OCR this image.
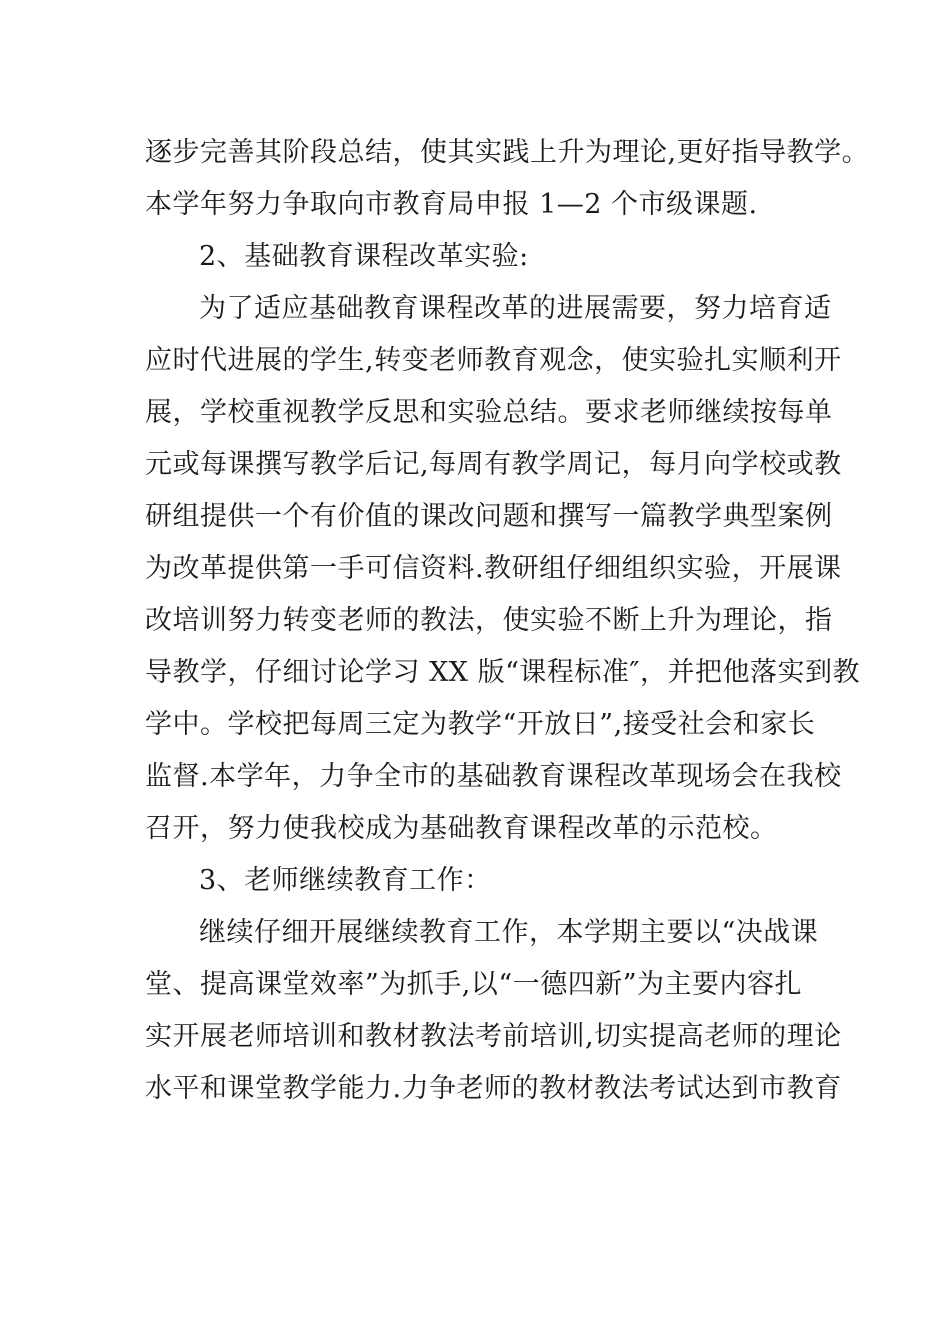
逐步完善其阶段总结，使其实践上升为理论,更好指导教学。
本学年努力争取向市教育局申报 1—2 个市级课题.

2、基础教育课程改革实验:

为了适应基础教育课程改革的进展需要，努力培育适
应时代进展的学生,转变老师教育观念，使实验扎实顺利开
展，学校重视教学反思和实验总结。要求老师继续按每单
元或每课撰写教学后记,每周有教学周记，每月向学校或教
研组提供一个有价值的课改问题和撰写一篇教学典型案例
为改革提供第一手可信资料.教研组仔细组织实验，开展课
改培训努力转变老师的教法，使实验不断上升为理论，指
导教学，仔细讨论学习 XX 版“课程标准″，并把他落实到教
学中。学校把每周三定为教学“开放日”,接受社会和家长
监督.本学年，力争全市的基础教育课程改革现场会在我校
召开，努力使我校成为基础教育课程改革的示范校。

3、老师继续教育工作：

继续仔细开展继续教育工作，本学期主要以“决战课
堂、提高课堂效率”为抓手,以“一德四新”为主要内容扎
实开展老师培训和教材教法考前培训,切实提高老师的理论
水平和课堂教学能力.力争老师的教材教法考试达到市教育
